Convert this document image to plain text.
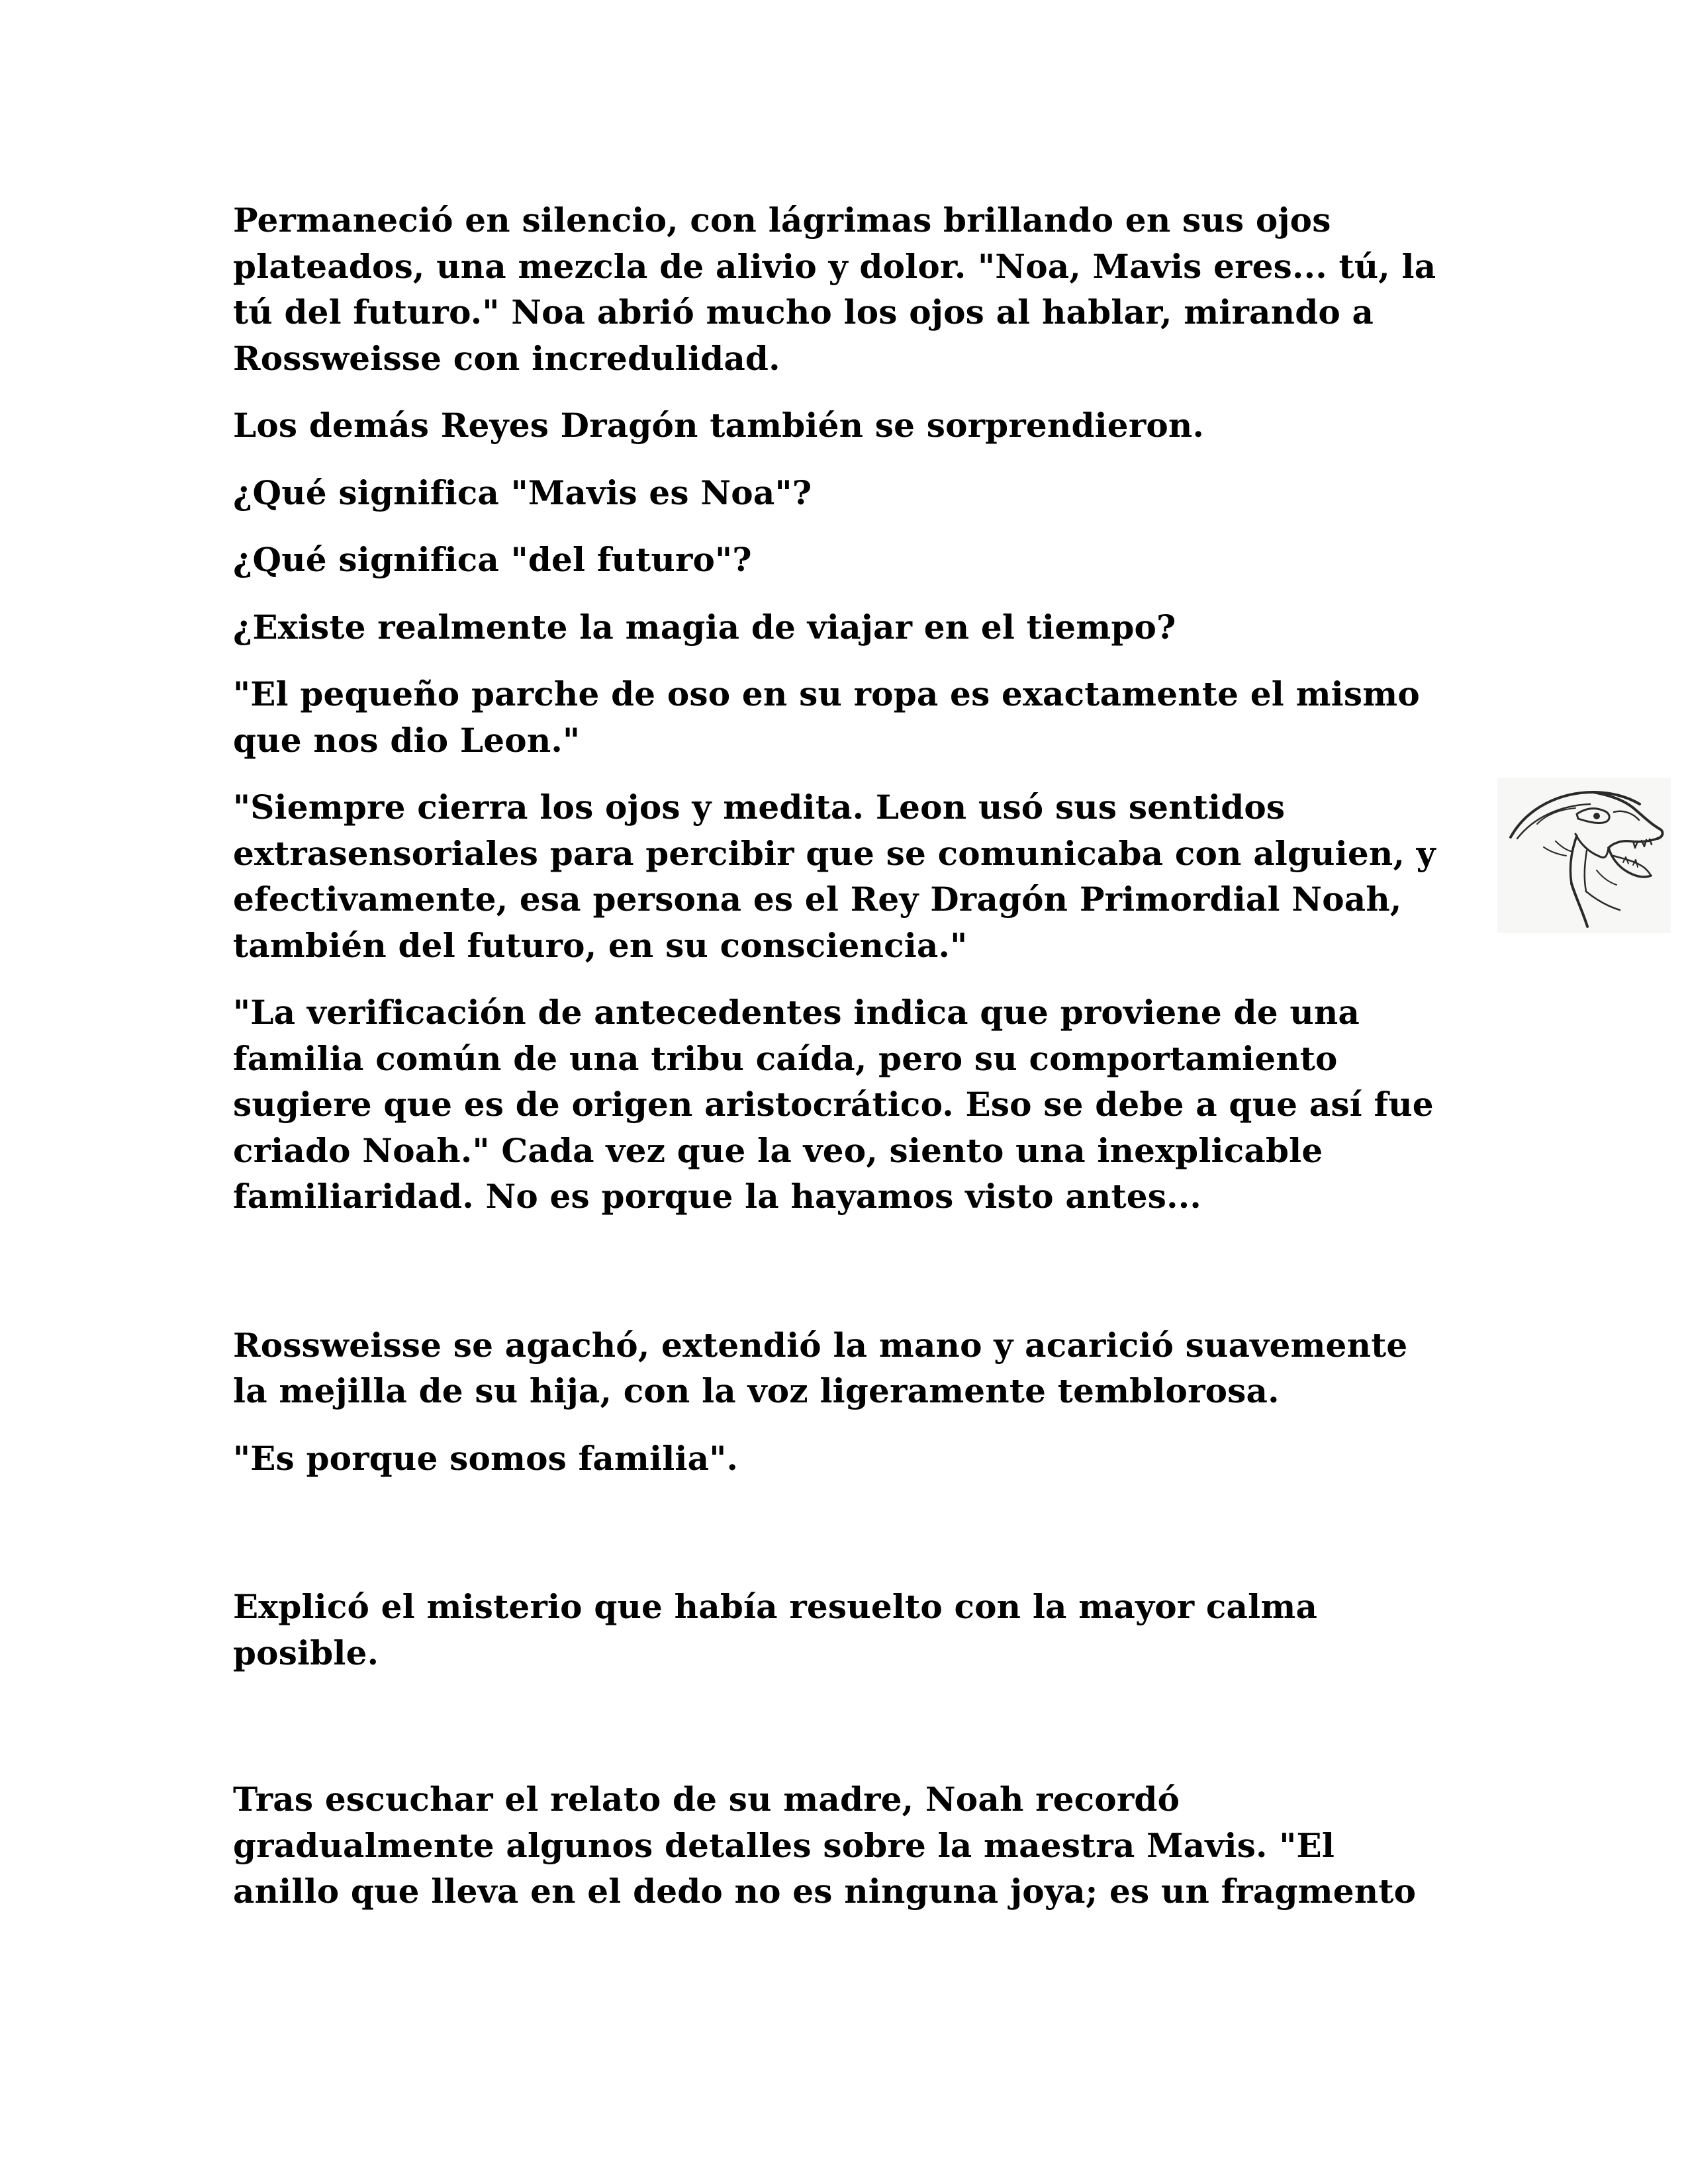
Permaneció en silencio, con lágrimas brillando en sus ojos plateados, una mezcla de alivio y dolor. "Noa, Mavis eres... tú, la tú del futuro." Noa abrió mucho los ojos al hablar, mirando a Rossweisse con incredulidad.

Los demás Reyes Dragón también se sorprendieron.

¿Qué significa "Mavis es Noa"?

¿Qué significa "del futuro"?

¿Existe realmente la magia de viajar en el tiempo?

"El pequeño parche de oso en su ropa es exactamente el mismo que nos dio Leon."

"Siempre cierra los ojos y medita. Leon usó sus sentidos extrasensoriales para percibir que se comunicaba con alguien, y efectivamente, esa persona es el Rey Dragón Primordial Noah, también del futuro, en su consciencia."

"La verificación de antecedentes indica que proviene de una familia común de una tribu caída, pero su comportamiento sugiere que es de origen aristocrático. Eso se debe a que así fue criado Noah." Cada vez que la veo, siento una inexplicable familiaridad. No es porque la hayamos visto antes...

Rossweisse se agachó, extendió la mano y acarició suavemente la mejilla de su hija, con la voz ligeramente temblorosa.

"Es porque somos familia".

Explicó el misterio que había resuelto con la mayor calma posible.

Tras escuchar el relato de su madre, Noah recordó gradualmente algunos detalles sobre la maestra Mavis. "El anillo que lleva en el dedo no es ninguna joya; es un fragmento
